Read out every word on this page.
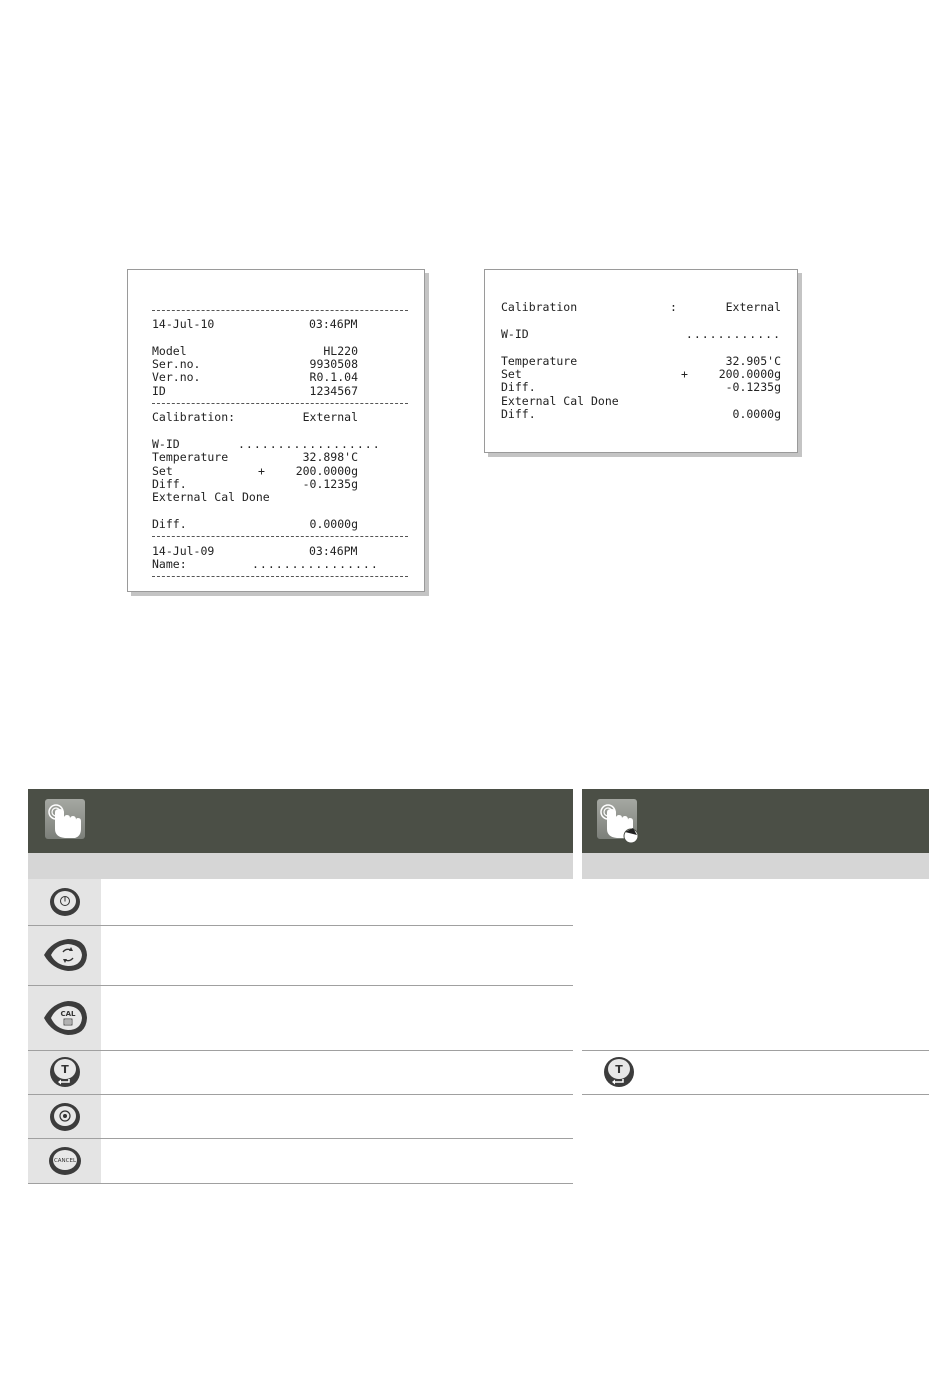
14-Jul-10	03:46PM
Model	HL220
Ser.no.	9930508
Ver.no.	R0.1.04
ID	1234567
Calibration:	External
W-ID	..................
Temperature	32.898'C
Set	+	200.0000g
Diff.	-0.1235g
External Cal Done
Diff.	0.0000g
14-Jul-09	03:46PM
Name:	................
Calibration	:	External
W-ID	............
Temperature	32.905'C
Set	+	200.0000g
Diff.	-0.1235g
External Cal Done
Diff.	0.0000g
CAL
T
CANCEL
T
